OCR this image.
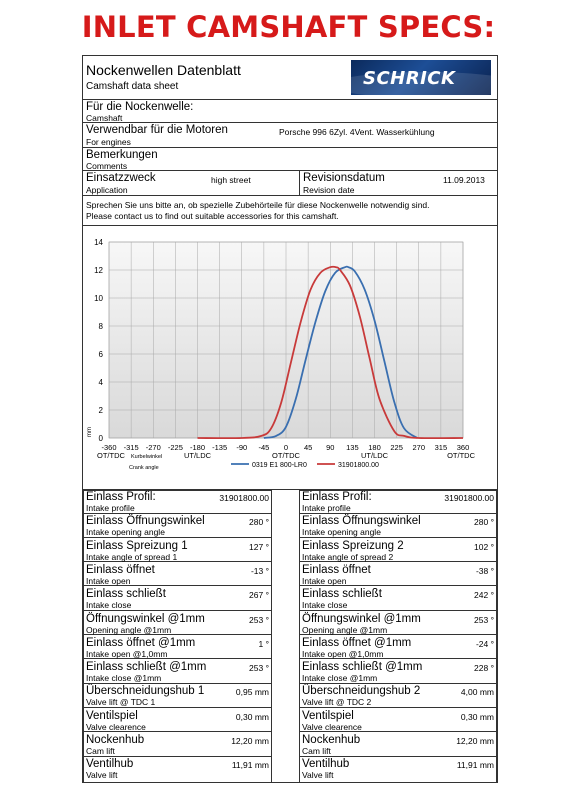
INLET CAMSHAFT SPECS:
Nockenwellen Datenblatt
Camshaft data sheet	SCHRICK
Für die Nockenwelle:
Camshaft
Verwendbar für die Motoren
For engines
Porsche 996 6Zyl. 4Vent. Wasserkühlung
Bemerkungen
Comments
Einsatzzweck
Application
high street	Revisionsdatum
Revision date
11.09.2013
Sprechen Sie uns bitte an, ob spezielle Zubehörteile für diese Nockenwelle notwendig sind.
Please contact us to find out suitable accessories for this camshaft.
0
2
4
6
8
10
12
14
-360 -315 -270 -225 -180 -135 -90 -45 0 45 90 135 180 225 270 315 360
mm
OT/TDC	UT/LDC	OT/TDC	UT/LDC	OT/TDC
Kurbelwinkel
Crank angle	0319 E1 800-LR0	31901800.00
Einlass Profil:	31901800.00
Intake profile
Einlass Öffnungswinkel	280 °
Intake opening angle
Einlass Spreizung 1	127 °
Intake angle of spread 1
Einlass öffnet	-13 °
Intake open
Einlass schließt	267 °
Intake close
Öffnungswinkel @1mm	253 °
Opening angle @1mm
Einlass öffnet @1mm	1 °
Intake open @1,0mm
Einlass schließt @1mm	253 °
Intake close @1mm
Überschneidungshub 1	0,95 mm
Valve lift @ TDC 1
Ventilspiel	0,30 mm
Valve clearence
Nockenhub	12,20 mm
Cam lift
Ventilhub	11,91 mm
Valve lift
Einlass Profil:	31901800.00
Intake profile
Einlass Öffnungswinkel	280 °
Intake opening angle
Einlass Spreizung 2	102 °
Intake angle of spread 2
Einlass öffnet	-38 °
Intake open
Einlass schließt	242 °
Intake close
Öffnungswinkel @1mm	253 °
Opening angle @1mm
Einlass öffnet @1mm	-24 °
Intake open @1,0mm
Einlass schließt @1mm	228 °
Intake close @1mm
Überschneidungshub 2	4,00 mm
Valve lift @ TDC 2
Ventilspiel	0,30 mm
Valve clearence
Nockenhub	12,20 mm
Cam lift
Ventilhub	11,91 mm
Valve lift
